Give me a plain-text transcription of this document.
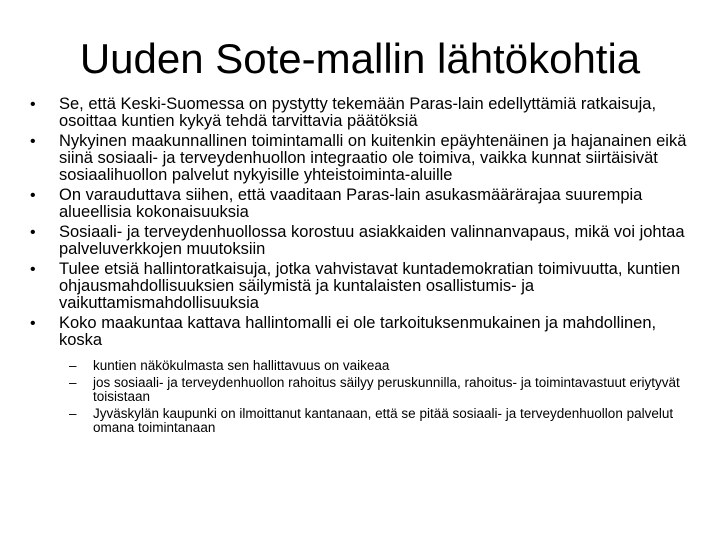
Uuden Sote-mallin lähtökohtia
• Se, että Keski-Suomessa on pystytty tekemään Paras-lain edellyttämiä ratkaisuja, osoittaa kuntien kykyä tehdä tarvittavia päätöksiä
• Nykyinen maakunnallinen toimintamalli on kuitenkin epäyhtenäinen ja hajanainen eikä siinä sosiaali- ja terveydenhuollon integraatio ole toimiva, vaikka kunnat siirtäisivät sosiaalihuollon palvelut nykyisille yhteistoiminta-aluille
• On varauduttava siihen, että vaaditaan Paras-lain asukasmäärärajaa suurempia alueellisia kokonaisuuksia
• Sosiaali- ja terveydenhuollossa korostuu asiakkaiden valinnanvapaus, mikä voi johtaa palveluverkkojen muutoksiin
• Tulee etsiä hallintoratkaisuja, jotka vahvistavat kuntademokratian toimivuutta, kuntien ohjausmahdollisuuksien säilymistä ja kuntalaisten osallistumis- ja vaikuttamismahdollisuuksia
• Koko maakuntaa kattava hallintomalli ei ole tarkoituksenmukainen ja mahdollinen, koska
– kuntien näkökulmasta sen hallittavuus on vaikeaa
– jos sosiaali- ja terveydenhuollon rahoitus säilyy peruskunnilla, rahoitus- ja toimintavastuut eriytyvät toisistaan
– Jyväskylän kaupunki on ilmoittanut kantanaan, että se pitää sosiaali- ja terveydenhuollon palvelut omana toimintanaan
